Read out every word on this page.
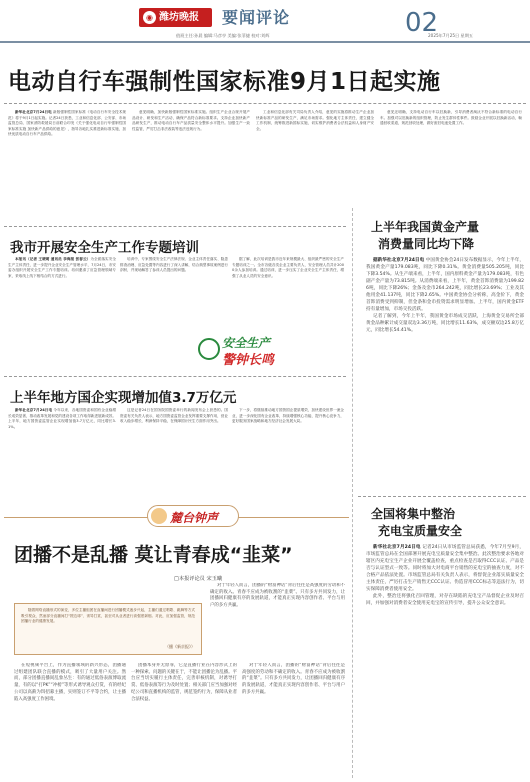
◉ 潍坊晚报	要闻评论	02
值班主任:孙晨 编辑:马彦亭 美编:张菲捷 校对:刘辉	2025年7月25日 星期五
电动自行车强制性国家标准9月1日起实施

新华社北京7月24日电 新版强制性国家标准《电动自行车安全技术规范》将于9月1日起实施。记者24日获悉，工业和信息化部、公安部、市场监管总局、国家消防救援局日前联合印发《关于强化电动自行车强制性国家标准实施 加快新产品供给的意见》，指导各地扎实推进新标准实施，加快优质电动自行车产品供给。

意见明确，加快新版强制性国家标准实施。组织生产企业合规开展产品设计、研发和生产活动，确保产品符合新标准要求。支持企业加快新产品研发生产，推动电动自行车产品质量安全整体水平提升。加强生产一致性监管，严厉打击非法改装等违法违规行为。

工业和信息化部有关司局负责人介绍，意见的实施将推动生产企业加快新标准产品的研发生产，满足市场需求。强化地方主体责任，建立健全工作机制，统筹推进新国标实施，切实维护消费者合法权益和人身财产安全。

意见还明确，支持电动自行车以旧换新，引导消费者淘汰不符合新标准的电动自行车。加强对以旧换新的组织管理，防止发生群体性事件。鼓励企业开展以旧换新活动，畅通回收渠道，规范回收处理，做好废旧电池处置工作。

我市开展安全生产工作专题培训

本报讯（记者 王晓萌 通讯员 李海朋 张春云）为全面落实安全生产主体责任，进一步提升企业安全生产管理水平，7月24日，市安委办组织开展安全生产工作专题培训。培训邀请了应急管理领域专家，采取线上线下相结合的方式进行。

培训中，专家围绕安全生产法律法规、企业主体责任落实、隐患排查治理、应急处置等内容进行了深入讲解，结合典型事故案例进行剖析，并现场解答了参训人员提出的问题。

据了解，此次培训是我市近年来规模最大、组织最严密的安全生产专题培训之一。全市各级各类企业主要负责人、安全管理人员共计2000余人参加培训。通过培训，进一步压实了企业安全生产主体责任，增强了从业人员的安全意识。

安全生产
警钟长鸣
上半年地方国企实现增加值3.7万亿元

新华社北京7月24日电 今年以来，各地国资委和国有企业稳增长成效显著，推动改革发展和党的建设各项工作取得新进展新成效。上半年，地方国资委监管企业实现增加值3.7万亿元，同比增长3.1%。

这是记者24日在国务院国资委举行的新闻发布会上获悉的。国资委有关负责人表示，地方国资委监管企业发挥重要支撑作用，营业收入稳步增长，利润保持平稳，在保障国计民生方面作用突出。

下一步，将继续推动地方国资国企提质增效，加快建设世界一流企业，进一步深化国有企业改革，持续增强核心功能、提升核心竞争力，更好服务国家战略和地方经济社会发展大局。

麓台钟声
团播不是乱播 莫让青春成“韭菜”
□本报评论员 宋玉曦

随着网络直播形式的演变，多位主播组团在直播间进行团播模式逐步兴起，主播们通过唱歌、跳舞等方式吸引观众，然而部分直播间打“擦边球”、诱导打赏，甚至对从业者进行高强度剥削。对此，应加强监管，规范团播行业的健康发展。

（播《新京报》）

在短视频平台上，作为直播领域的新兴形态，团播通过组建团队联合直播的模式，吸引了大量用户关注。然而，部分团播直播间乱象丛生：有的通过低俗表演博取流量，有的以“打PK”“冲榜”等形式诱导观众打赏，有的经纪公司以高薪为饵招募主播，实则签订不平等合约，让主播陷入高强度工作困境。

团播本身并无原罪，它是直播行业在内容形式上的一种探索。问题的关键在于，不能让团播沦为乱播。平台应当切实履行主体责任，完善审核机制，对诱导打赏、低俗表演等行为及时处置；相关部门应当加强对经纪公司和直播机构的监管，规范签约行为，保障从业者合法权益。

对于年轻人而言，团播的“财富神话”背后往往是高强度的劳动和不确定的收入。青春不应成为被收割的“韭菜”。只有多方共同发力，让团播回归健康有序的发展轨道，才能真正实现内容创作者、平台与用户的多方共赢。

对于年轻人而言，团播的“财富神话”背后往往是高强度的劳动和不确定的收入。青春不应成为被收割的“韭菜”。只有多方共同发力，让团播回归健康有序的发展轨道，才能真正实现内容创作者、平台与用户的多方共赢。

上半年我国黄金产量
消费量同比均下降

据新华社北京7月24日电 中国黄金协会24日发布数据显示，今年上半年，我国黄金产量179.083吨，同比下降0.31%。黄金消费量505.205吨，同比下降3.54%。从生产端来看，上半年，国内原料黄金产量为179.083吨，有色副产金产量为73.815吨。从消费端来看，上半年，黄金首饰消费量为199.826吨，同比下降26%；金条及金币264.242吨，同比增长23.69%；工业及其他用金41.137吨，同比下降2.65%。中国黄金协会分析称，高金价下，黄金首饰消费受到抑制，但金条和金币投资需求明显增加。上半年，国内黄金ETF持有量增加，市场交投活跃。

记者了解到，今年上半年，我国黄金市场成交活跃，上海黄金交易所全部黄金品种累计成交量双边3.36万吨，同比增长11.63%，成交额双边25.8万亿元，同比增长54.41%。

全国将集中整治
充电宝质量安全

新华社北京7月24日电 记者24日从市场监管总局获悉，今年7月至9月，市场监管总局在全国部署开展充电宝质量安全集中整治。此次整治要求各地对辖区内充电宝生产企业开展全覆盖检查，重点检查是否取得CCC认证、产品是否与认证型式一致等。同时将加大对电商平台销售的充电宝的抽查力度，对不合格产品依法处置。市场监管总局有关负责人表示，将督促企业落实质量安全主体责任，严厉打击生产销售无CCC认证、伪造冒用CCC标志等违法行为，切实保障消费者使用安全。

此外，整治还将强化召回管理，对存在缺陷的充电宝产品督促企业及时召回，并加强对消费者安全使用充电宝的宣传引导，提升公众安全意识。
